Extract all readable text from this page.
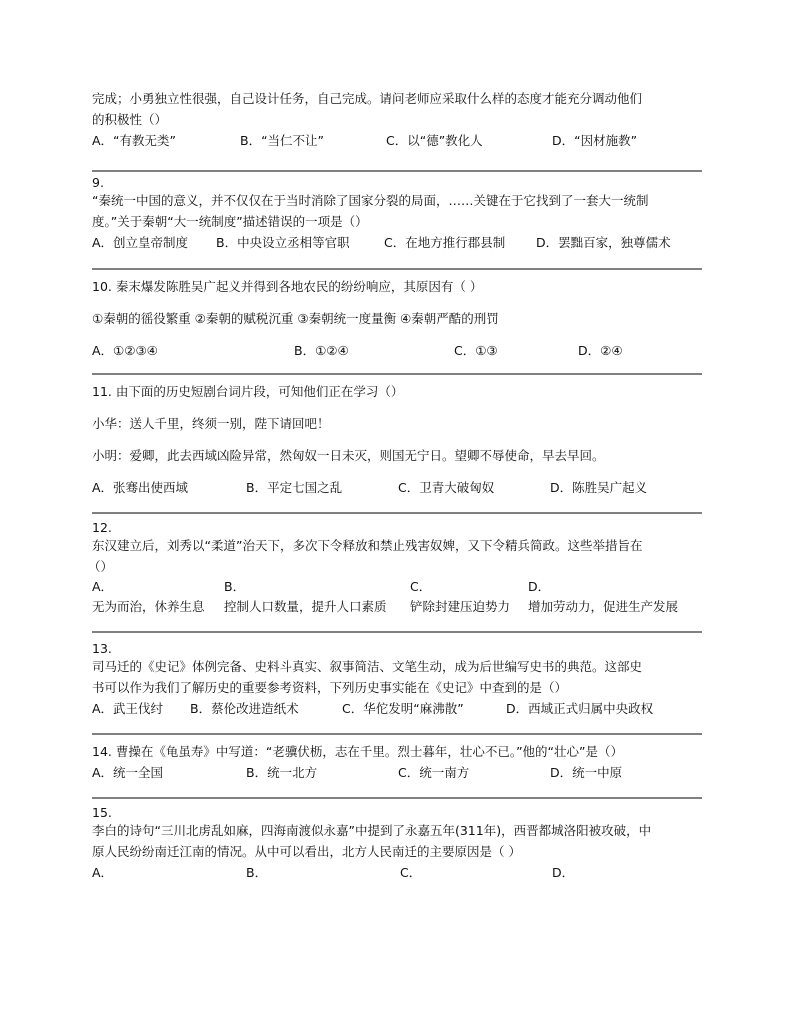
完成；小勇独立性很强，自己设计任务，自己完成。请问老师应采取什么样的态度才能充分调动他们
的积极性（）
A．“有教无类”	B．“当仁不让”	C．以“德”教化人	D．“因材施教”
9.
“秦统一中国的意义，并不仅仅在于当时消除了国家分裂的局面，……关键在于它找到了一套大一统制
度。”关于秦朝“大一统制度”描述错误的一项是（）
A．创立皇帝制度	B．中央设立丞相等官职	C．在地方推行郡县制	D．罢黜百家，独尊儒术
10. 秦末爆发陈胜吴广起义并得到各地农民的纷纷响应，其原因有（ ）
①秦朝的徭役繁重 ②秦朝的赋税沉重 ③秦朝统一度量衡 ④秦朝严酷的刑罚
A．①②③④	B．①②④	C．①③	D．②④
11. 由下面的历史短剧台词片段，可知他们正在学习（）
小华：送人千里，终须一别，陛下请回吧！
小明：爱卿，此去西域凶险异常，然匈奴一日未灭，则国无宁日。望卿不辱使命，早去早回。
A．张骞出使西域	B．平定七国之乱	C．卫青大破匈奴	D．陈胜吴广起义
12.
东汉建立后，刘秀以“柔道”治天下，多次下令释放和禁止残害奴婢，又下令精兵简政。这些举措旨在
（）
A．	B．	C．	D．
无为而治，休养生息	控制人口数量，提升人口素质	铲除封建压迫势力	增加劳动力，促进生产发展
13.
司马迁的《史记》体例完备、史料斗真实、叙事简洁、文笔生动，成为后世编写史书的典范。这部史
书可以作为我们了解历史的重要参考资料，下列历史事实能在《史记》中查到的是（）
A．武王伐纣	B．蔡伦改进造纸术	C．华佗发明“麻沸散”	D．西域正式归属中央政权
14. 曹操在《龟虽寿》中写道：“老骥伏枥，志在千里。烈士暮年，壮心不已。”他的“壮心”是（）
A．统一全国	B．统一北方	C．统一南方	D．统一中原
15.
李白的诗句“三川北虏乱如麻，四海南渡似永嘉”中提到了永嘉五年(311年)，西晋都城洛阳被攻破，中
原人民纷纷南迁江南的情况。从中可以看出，北方人民南迁的主要原因是（ ）
A．	B．	C．	D．
